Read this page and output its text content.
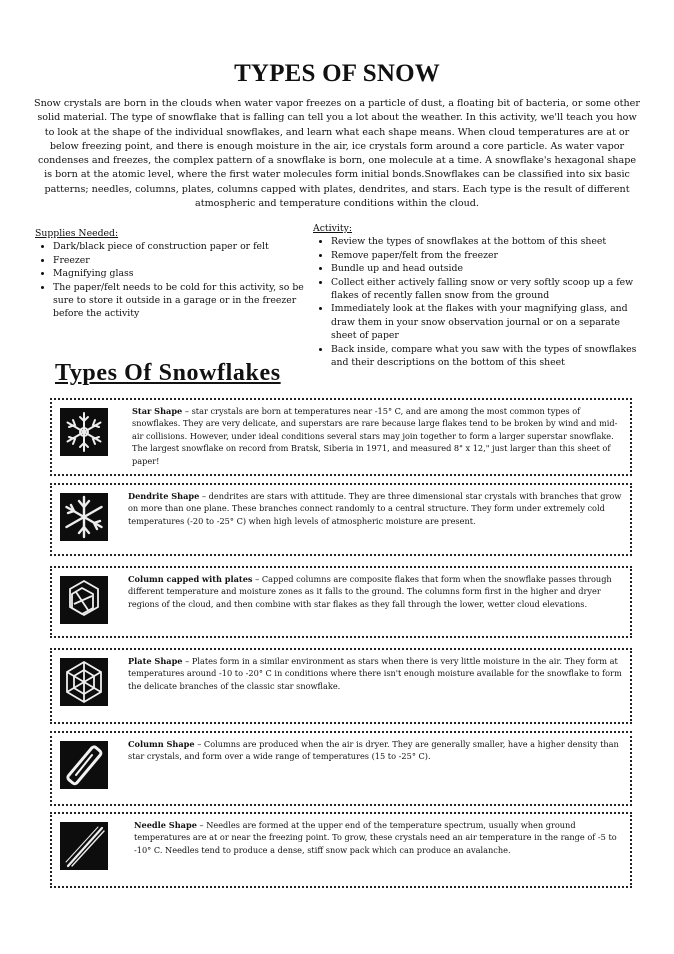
TYPES OF SNOW

Snow crystals are born in the clouds when water vapor freezes on a particle of dust, a floating bit of bacteria, or some other solid material. The type of snowflake that is falling can tell you a lot about the weather. In this activity, we'll teach you how to look at the shape of the individual snowflakes, and learn what each shape means. When cloud temperatures are at or below freezing point, and there is enough moisture in the air, ice crystals form around a core particle. As water vapor condenses and freezes, the complex pattern of a snowflake is born, one molecule at a time. A snowflake's hexagonal shape is born at the atomic level, where the first water molecules form initial bonds.Snowflakes can be classified into six basic patterns; needles, columns, plates, columns capped with plates, dendrites, and stars. Each type is the result of different atmospheric and temperature conditions within the cloud.

Supplies Needed:

• Dark/black piece of construction paper or felt
• Freezer
• Magnifying glass
• The paper/felt needs to be cold for this activity, so be sure to store it outside in a garage or in the freezer before the activity

Activity:

• Review the types of snowflakes at the bottom of this sheet
• Remove paper/felt from the freezer
• Bundle up and head outside
• Collect either actively falling snow or very softly scoop up a few flakes of recently fallen snow from the ground
• Immediately look at the flakes with your magnifying glass, and draw them in your snow observation journal or on a separate sheet of paper
• Back inside, compare what you saw with the types of snowflakes and their descriptions on the bottom of this sheet
Types Of Snowflakes
Star Shape – star crystals are born at temperatures near -15° C, and are among the most common types of snowflakes. They are very delicate, and superstars are rare because large flakes tend to be broken by wind and mid-air collisions. However, under ideal conditions several stars may join together to form a larger superstar snowflake. The largest snowflake on record from Bratsk, Siberia in 1971, and measured 8" x 12," just larger than this sheet of paper!
Dendrite Shape – dendrites are stars with attitude. They are three dimensional star crystals with branches that grow on more than one plane. These branches connect randomly to a central structure. They form under extremely cold temperatures (-20 to -25° C) when high levels of atmospheric moisture are present.
Column capped with plates – Capped columns are composite flakes that form when the snowflake passes through different temperature and moisture zones as it falls to the ground. The columns form first in the higher and dryer regions of the cloud, and then combine with star flakes as they fall through the lower, wetter cloud elevations.
Plate Shape – Plates form in a similar environment as stars when there is very little moisture in the air. They form at temperatures around -10 to -20° C in conditions where there isn't enough moisture available for the snowflake to form the delicate branches of the classic star snowflake.
Column Shape – Columns are produced when the air is dryer. They are generally smaller, have a higher density than star crystals, and form over a wide range of temperatures (15 to -25° C).
Needle Shape – Needles are formed at the upper end of the temperature spectrum, usually when ground temperatures are at or near the freezing point. To grow, these crystals need an air temperature in the range of -5 to -10° C. Needles tend to produce a dense, stiff snow pack which can produce an avalanche.
